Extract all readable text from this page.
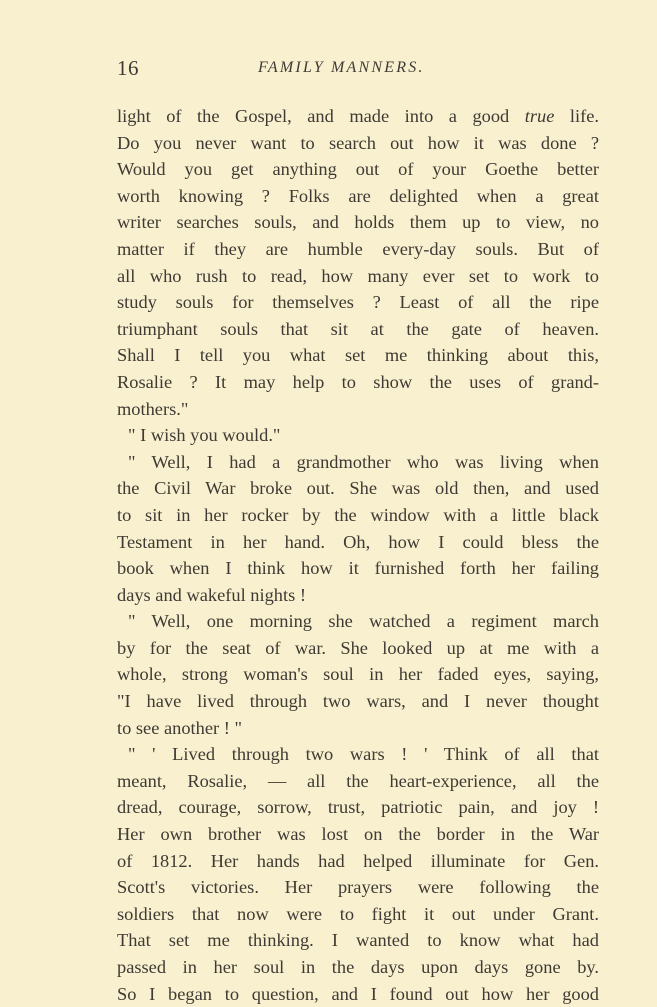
16	FAMILY MANNERS.
light of the Gospel, and made into a good true life.
Do you never want to search out how it was done ?
Would you get anything out of your Goethe better
worth knowing ? Folks are delighted when a great
writer searches souls, and holds them up to view, no
matter if they are humble every-day souls. But of
all who rush to read, how many ever set to work to
study souls for themselves ? Least of all the ripe
triumphant souls that sit at the gate of heaven.
Shall I tell you what set me thinking about this,
Rosalie ? It may help to show the uses of grand-
mothers."
" I wish you would."
" Well, I had a grandmother who was living when
the Civil War broke out. She was old then, and used
to sit in her rocker by the window with a little black
Testament in her hand. Oh, how I could bless the
book when I think how it furnished forth her failing
days and wakeful nights !
" Well, one morning she watched a regiment march
by for the seat of war. She looked up at me with a
whole, strong woman's soul in her faded eyes, saying,
"I have lived through two wars, and I never thought
to see another ! "
" ' Lived through two wars ! ' Think of all that
meant, Rosalie, — all the heart-experience, all the
dread, courage, sorrow, trust, patriotic pain, and joy !
Her own brother was lost on the border in the War
of 1812. Her hands had helped illuminate for Gen.
Scott's victories. Her prayers were following the
soldiers that now were to fight it out under Grant.
That set me thinking. I wanted to know what had
passed in her soul in the days upon days gone by.
So I began to question, and I found out how her good
